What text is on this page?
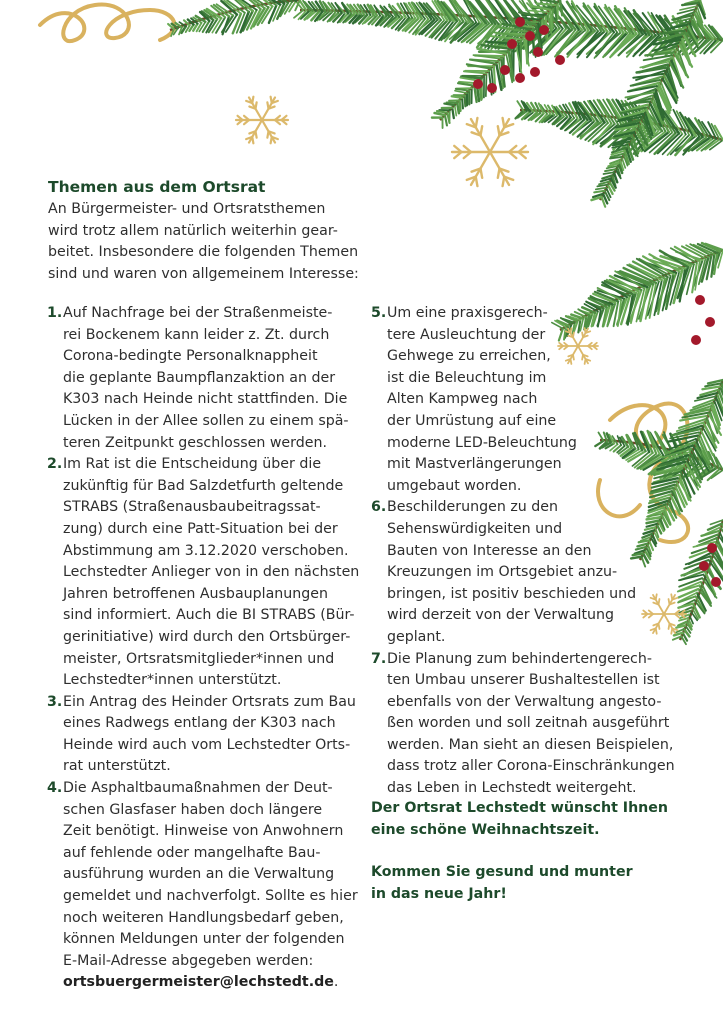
Themen aus dem Ortsrat

An Bürgermeister- und Ortsratsthemen
wird trotz allem natürlich weiterhin gear-
beitet. Insbesondere die folgenden Themen
sind und waren von allgemeinem Interesse:

1. Auf Nachfrage bei der Straßenmeiste-
rei Bockenem kann leider z. Zt. durch
Corona-bedingte Personalknappheit
die geplante Baumpflanzaktion an der
K303 nach Heinde nicht stattfinden. Die
Lücken in der Allee sollen zu einem spä-
teren Zeitpunkt geschlossen werden.
2. Im Rat ist die Entscheidung über die
zukünftig für Bad Salzdetfurth geltende
STRABS (Straßenausbaubeitragssat-
zung) durch eine Patt-Situation bei der
Abstimmung am 3.12.2020 verschoben.
Lechstedter Anlieger von in den nächsten
Jahren betroffenen Ausbauplanungen
sind informiert. Auch die BI STRABS (Bür-
gerinitiative) wird durch den Ortsbürger-
meister, Ortsratsmitglieder*innen und
Lechstedter*innen unterstützt.
3. Ein Antrag des Heinder Ortsrats zum Bau
eines Radwegs entlang der K303 nach
Heinde wird auch vom Lechstedter Orts-
rat unterstützt.
4. Die Asphaltbaumaßnahmen der Deut-
schen Glasfaser haben doch längere
Zeit benötigt. Hinweise von Anwohnern
auf fehlende oder mangelhafte Bau-
ausführung wurden an die Verwaltung
gemeldet und nachverfolgt. Sollte es hier
noch weiteren Handlungsbedarf geben,
können Meldungen unter der folgenden
E-Mail-Adresse abgegeben werden:
ortsbuergermeister@lechstedt.de.
5. Um eine praxisgerech-
tere Ausleuchtung der
Gehwege zu erreichen,
ist die Beleuchtung im
Alten Kampweg nach
der Umrüstung auf eine
moderne LED-Beleuchtung
mit Mastverlängerungen
umgebaut worden.
6. Beschilderungen zu den
Sehenswürdigkeiten und
Bauten von Interesse an den
Kreuzungen im Ortsgebiet anzu-
bringen, ist positiv beschieden und
wird derzeit von der Verwaltung
geplant.
7. Die Planung zum behindertengerech-
ten Umbau unserer Bushaltestellen ist
ebenfalls von der Verwaltung angesto-
ßen worden und soll zeitnah ausgeführt
werden. Man sieht an diesen Beispielen,
dass trotz aller Corona-Einschränkungen
das Leben in Lechstedt weitergeht.

Der Ortsrat Lechstedt wünscht Ihnen
eine schöne Weihnachtszeit.

Kommen Sie gesund und munter
in das neue Jahr!
